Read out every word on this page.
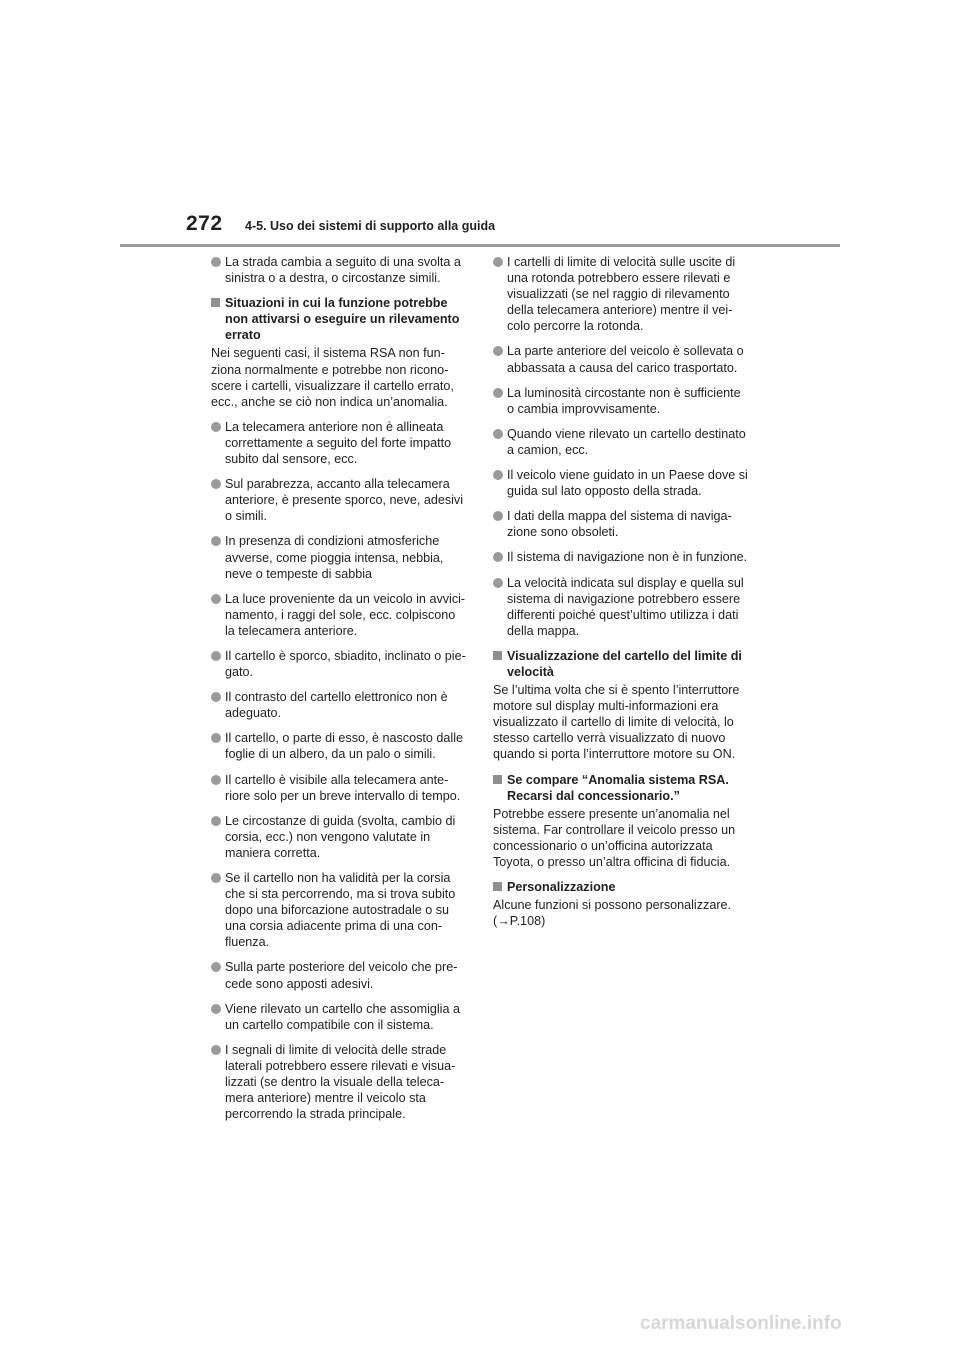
272 4-5. Uso dei sistemi di supporto alla guida
La strada cambia a seguito di una svolta a
sinistra o a destra, o circostanze simili.
Situazioni in cui la funzione potrebbe
non attivarsi o eseguire un rilevamento
errato
Nei seguenti casi, il sistema RSA non fun-
ziona normalmente e potrebbe non ricono-
scere i cartelli, visualizzare il cartello errato,
ecc., anche se ciò non indica un’anomalia.
La telecamera anteriore non è allineata
correttamente a seguito del forte impatto
subito dal sensore, ecc.
Sul parabrezza, accanto alla telecamera
anteriore, è presente sporco, neve, adesivi
o simili.
In presenza di condizioni atmosferiche
avverse, come pioggia intensa, nebbia,
neve o tempeste di sabbia
La luce proveniente da un veicolo in avvici-
namento, i raggi del sole, ecc. colpiscono
la telecamera anteriore.
Il cartello è sporco, sbiadito, inclinato o pie-
gato.
Il contrasto del cartello elettronico non è
adeguato.
Il cartello, o parte di esso, è nascosto dalle
foglie di un albero, da un palo o simili.
Il cartello è visibile alla telecamera ante-
riore solo per un breve intervallo di tempo.
Le circostanze di guida (svolta, cambio di
corsia, ecc.) non vengono valutate in
maniera corretta.
Se il cartello non ha validità per la corsia
che si sta percorrendo, ma si trova subito
dopo una biforcazione autostradale o su
una corsia adiacente prima di una con-
fluenza.
Sulla parte posteriore del veicolo che pre-
cede sono apposti adesivi.
Viene rilevato un cartello che assomiglia a
un cartello compatibile con il sistema.
I segnali di limite di velocità delle strade
laterali potrebbero essere rilevati e visua-
lizzati (se dentro la visuale della teleca-
mera anteriore) mentre il veicolo sta
percorrendo la strada principale.
I cartelli di limite di velocità sulle uscite di
una rotonda potrebbero essere rilevati e
visualizzati (se nel raggio di rilevamento
della telecamera anteriore) mentre il vei-
colo percorre la rotonda.
La parte anteriore del veicolo è sollevata o
abbassata a causa del carico trasportato.
La luminosità circostante non è sufficiente
o cambia improvvisamente.
Quando viene rilevato un cartello destinato
a camion, ecc.
Il veicolo viene guidato in un Paese dove si
guida sul lato opposto della strada.
I dati della mappa del sistema di naviga-
zione sono obsoleti.
Il sistema di navigazione non è in funzione.
La velocità indicata sul display e quella sul
sistema di navigazione potrebbero essere
differenti poiché quest’ultimo utilizza i dati
della mappa.
Visualizzazione del cartello del limite di
velocità
Se l’ultima volta che si è spento l’interruttore
motore sul display multi-informazioni era
visualizzato il cartello di limite di velocità, lo
stesso cartello verrà visualizzato di nuovo
quando si porta l’interruttore motore su ON.
Se compare “Anomalia sistema RSA.
Recarsi dal concessionario.”
Potrebbe essere presente un’anomalia nel
sistema. Far controllare il veicolo presso un
concessionario o un’officina autorizzata
Toyota, o presso un’altra officina di fiducia.
Personalizzazione
Alcune funzioni si possono personalizzare.
(→P.108)
carmanualsonline.info
